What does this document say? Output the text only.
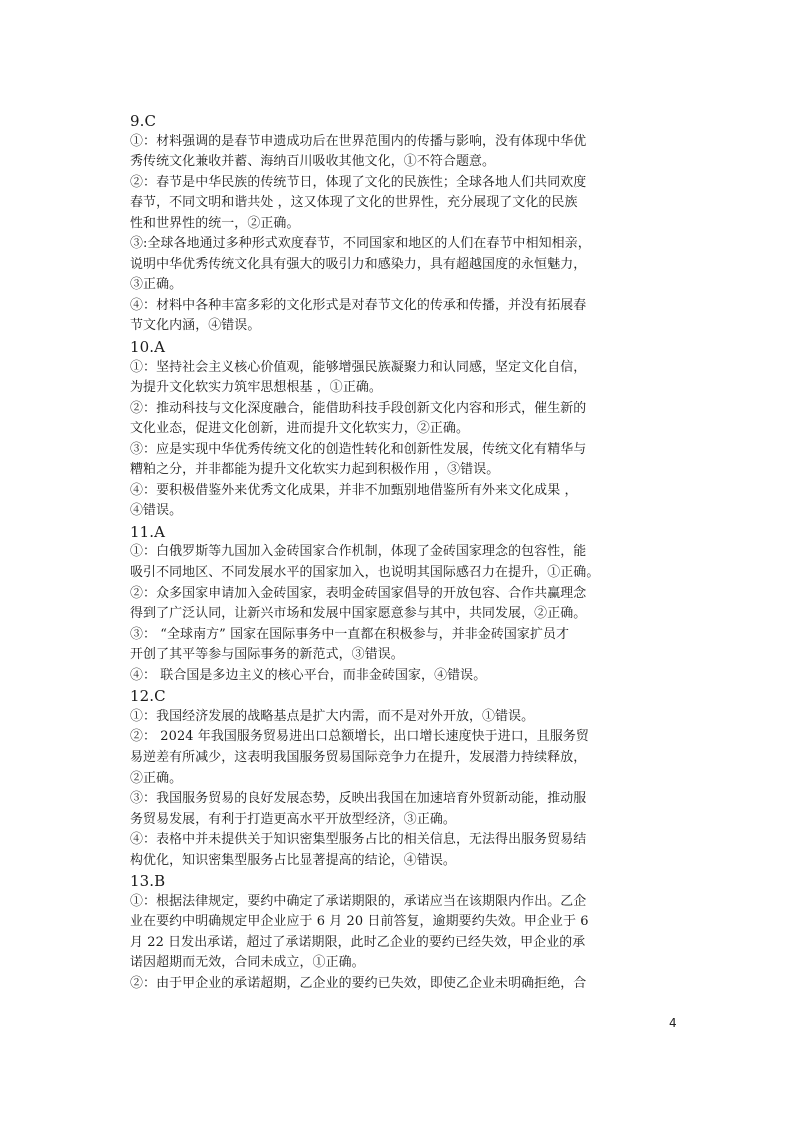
9.C
①：材料强调的是春节申遗成功后在世界范围内的传播与影响，没有体现中华优
秀传统文化兼收并蓄、海纳百川吸收其他文化，①不符合题意。
②：春节是中华民族的传统节日，体现了文化的民族性；全球各地人们共同欢度
春节，不同文明和谐共处 ，这又体现了文化的世界性，充分展现了文化的民族
性和世界性的统一，②正确。
③:全球各地通过多种形式欢度春节，不同国家和地区的人们在春节中相知相亲，
说明中华优秀传统文化具有强大的吸引力和感染力，具有超越国度的永恒魅力，
③正确。
④：材料中各种丰富多彩的文化形式是对春节文化的传承和传播，并没有拓展春
节文化内涵，④错误。
10.A
①：坚持社会主义核心价值观，能够增强民族凝聚力和认同感，坚定文化自信，
为提升文化软实力筑牢思想根基 ，①正确。
②：推动科技与文化深度融合，能借助科技手段创新文化内容和形式，催生新的
文化业态，促进文化创新，进而提升文化软实力，②正确。
③：应是实现中华优秀传统文化的创造性转化和创新性发展，传统文化有精华与
糟粕之分，并非都能为提升文化软实力起到积极作用 ，③错误。
④：要积极借鉴外来优秀文化成果，并非不加甄别地借鉴所有外来文化成果 ，
④错误。
11.A
①：白俄罗斯等九国加入金砖国家合作机制，体现了金砖国家理念的包容性，能
吸引不同地区、不同发展水平的国家加入，也说明其国际感召力在提升，①正确。
②：众多国家申请加入金砖国家，表明金砖国家倡导的开放包容、合作共赢理念
得到了广泛认同，让新兴市场和发展中国家愿意参与其中，共同发展，②正确。
③： “全球南方” 国家在国际事务中一直都在积极参与，并非金砖国家扩员才
开创了其平等参与国际事务的新范式，③错误。
④： 联合国是多边主义的核心平台，而非金砖国家，④错误。
12.C
①：我国经济发展的战略基点是扩大内需，而不是对外开放，①错误。
②： 2024 年我国服务贸易进出口总额增长，出口增长速度快于进口，且服务贸
易逆差有所减少，这表明我国服务贸易国际竞争力在提升，发展潜力持续释放，
②正确。
③：我国服务贸易的良好发展态势，反映出我国在加速培育外贸新动能，推动服
务贸易发展，有利于打造更高水平开放型经济，③正确。
④：表格中并未提供关于知识密集型服务占比的相关信息，无法得出服务贸易结
构优化，知识密集型服务占比显著提高的结论，④错误。
13.B
①：根据法律规定，要约中确定了承诺期限的，承诺应当在该期限内作出。乙企
业在要约中明确规定甲企业应于 6 月 20 日前答复，逾期要约失效。甲企业于 6
月 22 日发出承诺，超过了承诺期限，此时乙企业的要约已经失效，甲企业的承
诺因超期而无效，合同未成立，①正确。
②：由于甲企业的承诺超期，乙企业的要约已失效，即使乙企业未明确拒绝，合
4
